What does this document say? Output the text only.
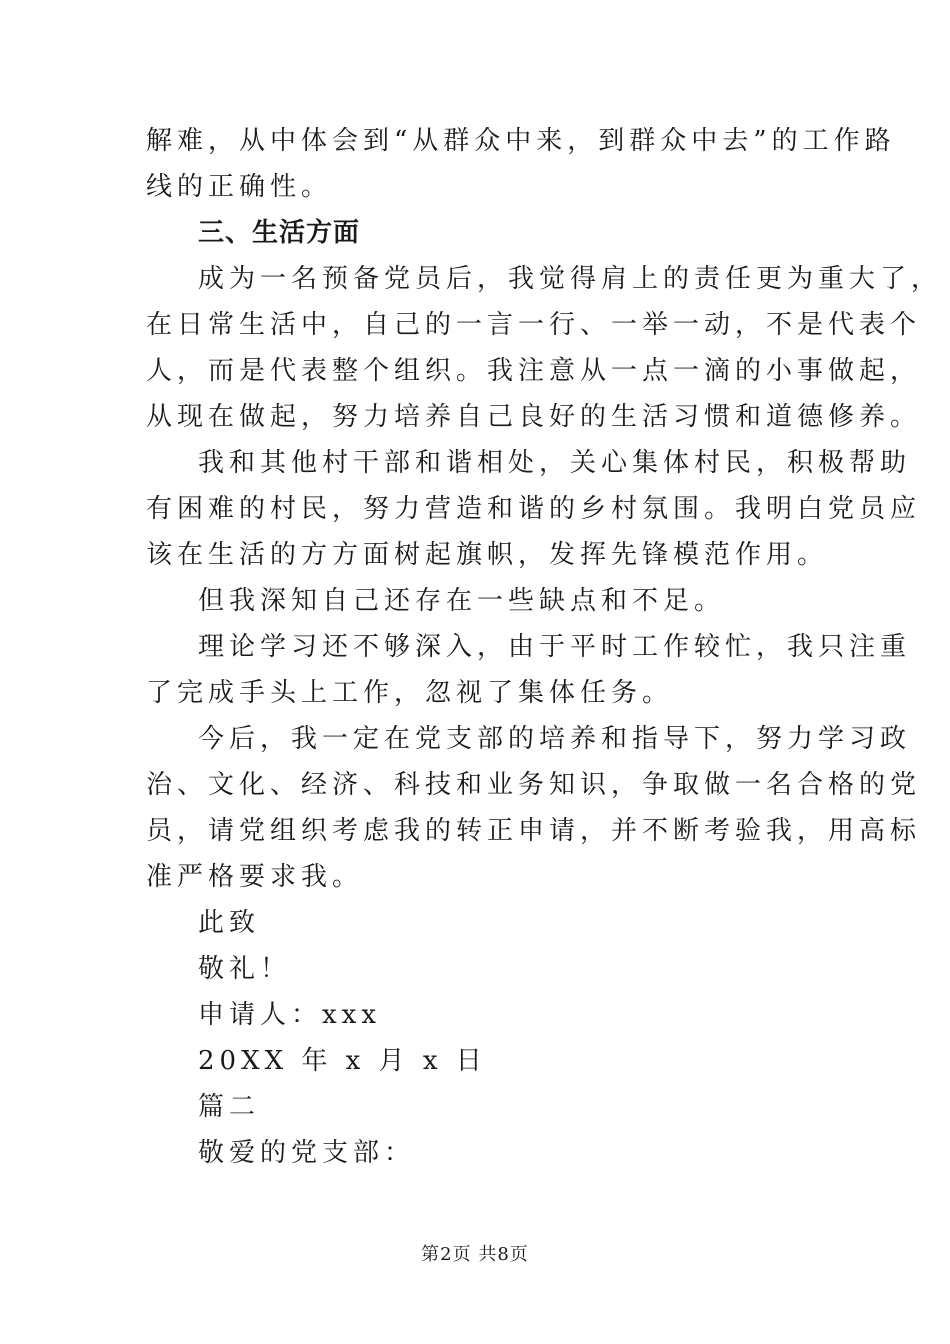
解难，从中体会到“从群众中来，到群众中去”的工作路
线的正确性。
三、生活方面
成为一名预备党员后，我觉得肩上的责任更为重大了，
在日常生活中，自己的一言一行、一举一动，不是代表个
人，而是代表整个组织。我注意从一点一滴的小事做起，
从现在做起，努力培养自己良好的生活习惯和道德修养。
我和其他村干部和谐相处，关心集体村民，积极帮助
有困难的村民，努力营造和谐的乡村氛围。我明白党员应
该在生活的方方面树起旗帜，发挥先锋模范作用。
但我深知自己还存在一些缺点和不足。
理论学习还不够深入，由于平时工作较忙，我只注重
了完成手头上工作，忽视了集体任务。
今后，我一定在党支部的培养和指导下，努力学习政
治、文化、经济、科技和业务知识，争取做一名合格的党
员，请党组织考虑我的转正申请，并不断考验我，用高标
准严格要求我。
此致
敬礼！
申请人：xxx
20XX 年 x 月 x 日
篇二
敬爱的党支部：
第2页 共8页
